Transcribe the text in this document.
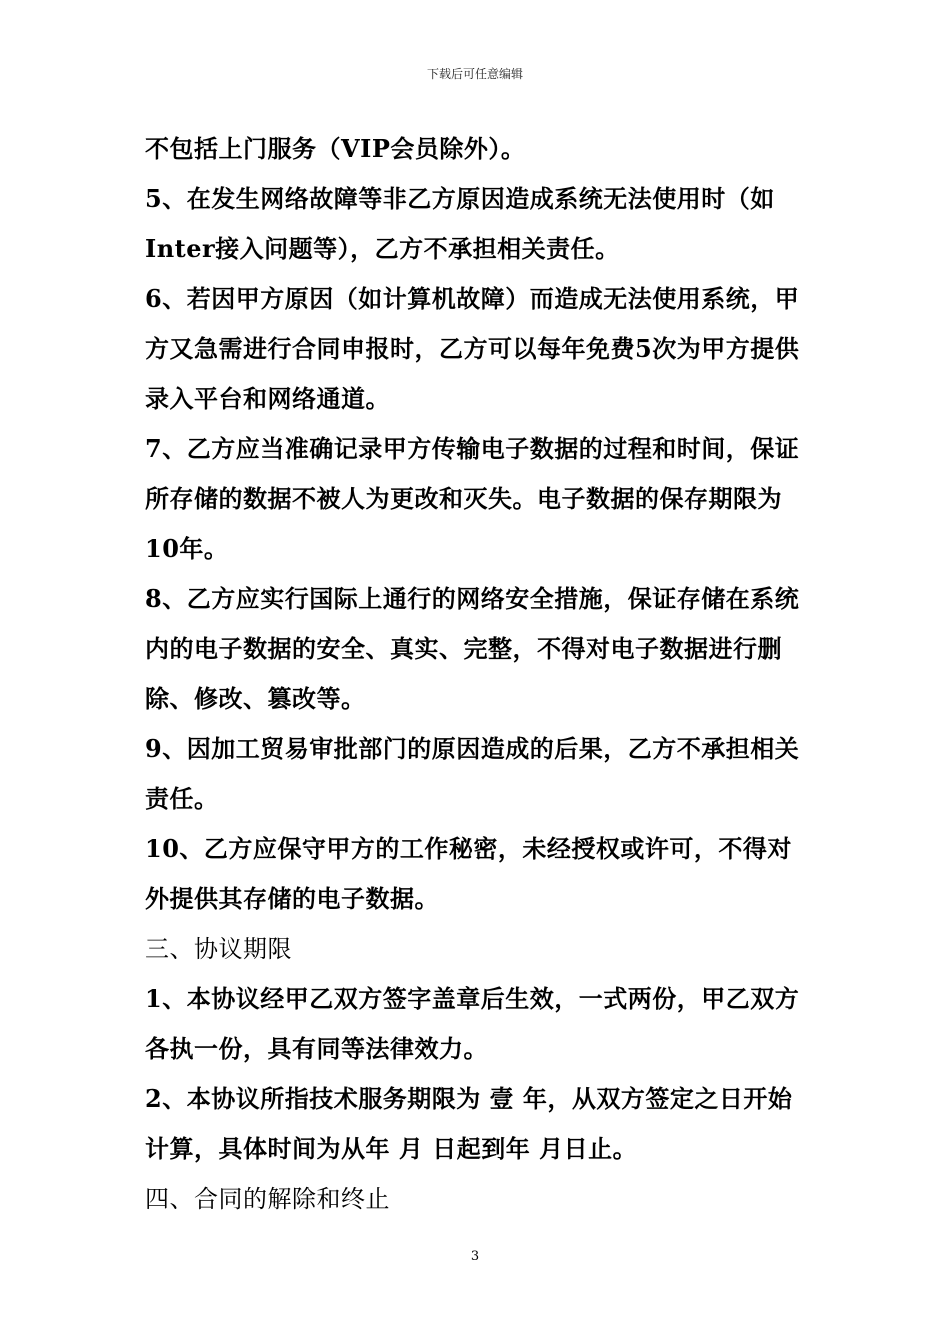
下载后可任意编辑

不包括上门服务（VIP会员除外）。

5、在发生网络故障等非乙方原因造成系统无法使用时（如Inter接入问题等），乙方不承担相关责任。

6、若因甲方原因（如计算机故障）而造成无法使用系统，甲方又急需进行合同申报时，乙方可以每年免费5次为甲方提供录入平台和网络通道。

7、乙方应当准确记录甲方传输电子数据的过程和时间，保证所存储的数据不被人为更改和灭失。电子数据的保存期限为10年。

8、乙方应实行国际上通行的网络安全措施，保证存储在系统内的电子数据的安全、真实、完整，不得对电子数据进行删除、修改、篡改等。

9、因加工贸易审批部门的原因造成的后果，乙方不承担相关责任。

10、乙方应保守甲方的工作秘密，未经授权或许可，不得对外提供其存储的电子数据。

三、协议期限

1、本协议经甲乙双方签字盖章后生效，一式两份，甲乙双方各执一份，具有同等法律效力。

2、本协议所指技术服务期限为 壹 年，从双方签定之日开始计算，具体时间为从年 月 日起到年 月日止。

四、合同的解除和终止

3
